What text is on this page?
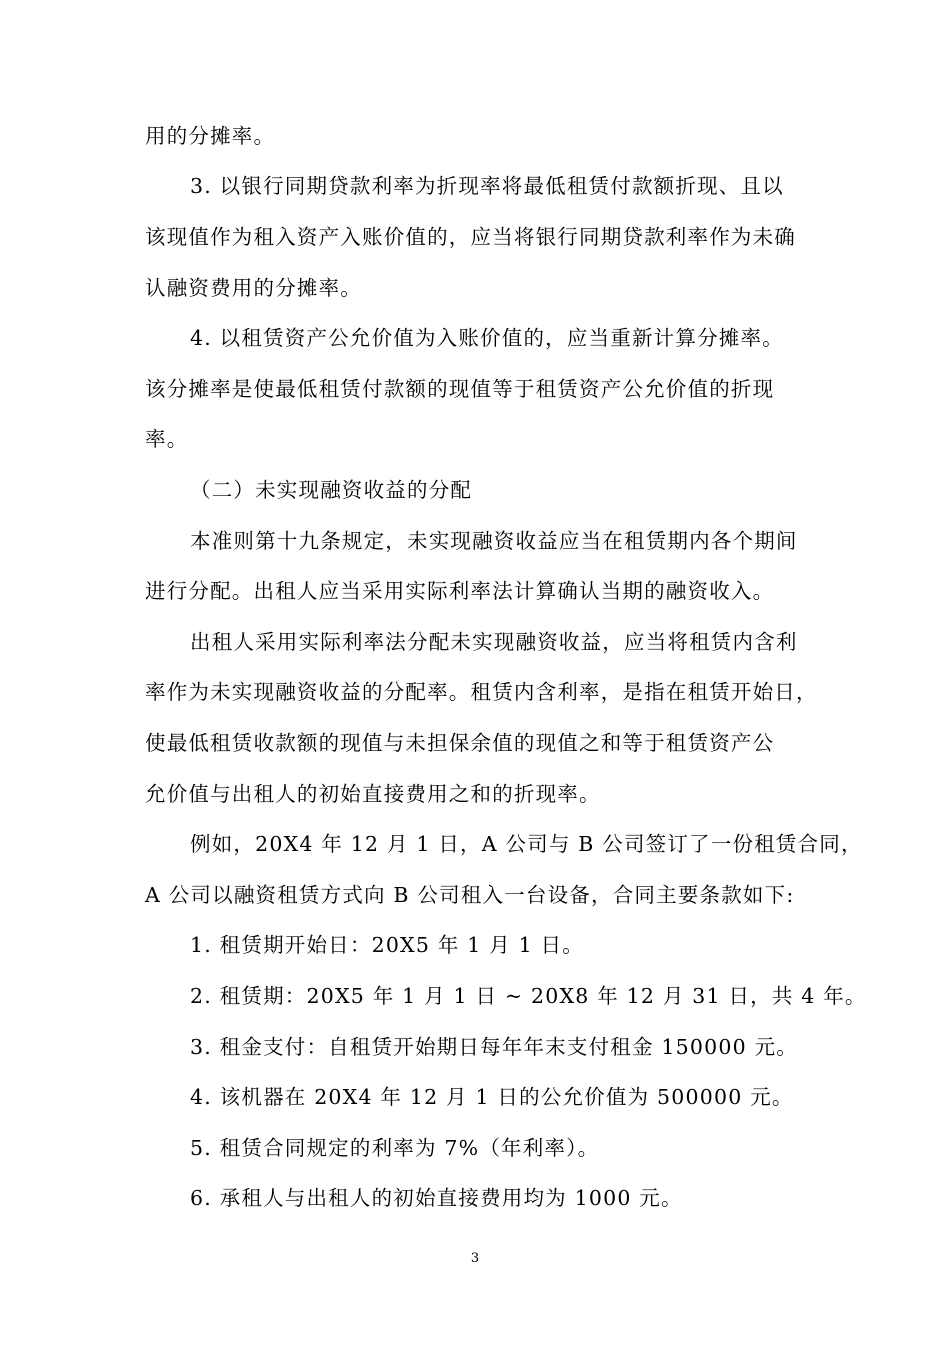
用的分摊率。
3. 以银行同期贷款利率为折现率将最低租赁付款额折现、且以
该现值作为租入资产入账价值的，应当将银行同期贷款利率作为未确
认融资费用的分摊率。
4. 以租赁资产公允价值为入账价值的，应当重新计算分摊率。
该分摊率是使最低租赁付款额的现值等于租赁资产公允价值的折现
率。
（二）未实现融资收益的分配
本准则第十九条规定，未实现融资收益应当在租赁期内各个期间
进行分配。出租人应当采用实际利率法计算确认当期的融资收入。
出租人采用实际利率法分配未实现融资收益，应当将租赁内含利
率作为未实现融资收益的分配率。租赁内含利率，是指在租赁开始日，
使最低租赁收款额的现值与未担保余值的现值之和等于租赁资产公
允价值与出租人的初始直接费用之和的折现率。
例如，20X4 年 12 月 1 日，A 公司与 B 公司签订了一份租赁合同，
A 公司以融资租赁方式向 B 公司租入一台设备，合同主要条款如下:
1. 租赁期开始日：20X5 年 1 月 1 日。
2. 租赁期：20X5 年 1 月 1 日 ~ 20X8 年 12 月 31 日，共 4 年。
3. 租金支付：自租赁开始期日每年年末支付租金 150000 元。
4. 该机器在 20X4 年 12 月 1 日的公允价值为 500000 元。
5. 租赁合同规定的利率为 7%（年利率）。
6. 承租人与出租人的初始直接费用均为 1000 元。
3
